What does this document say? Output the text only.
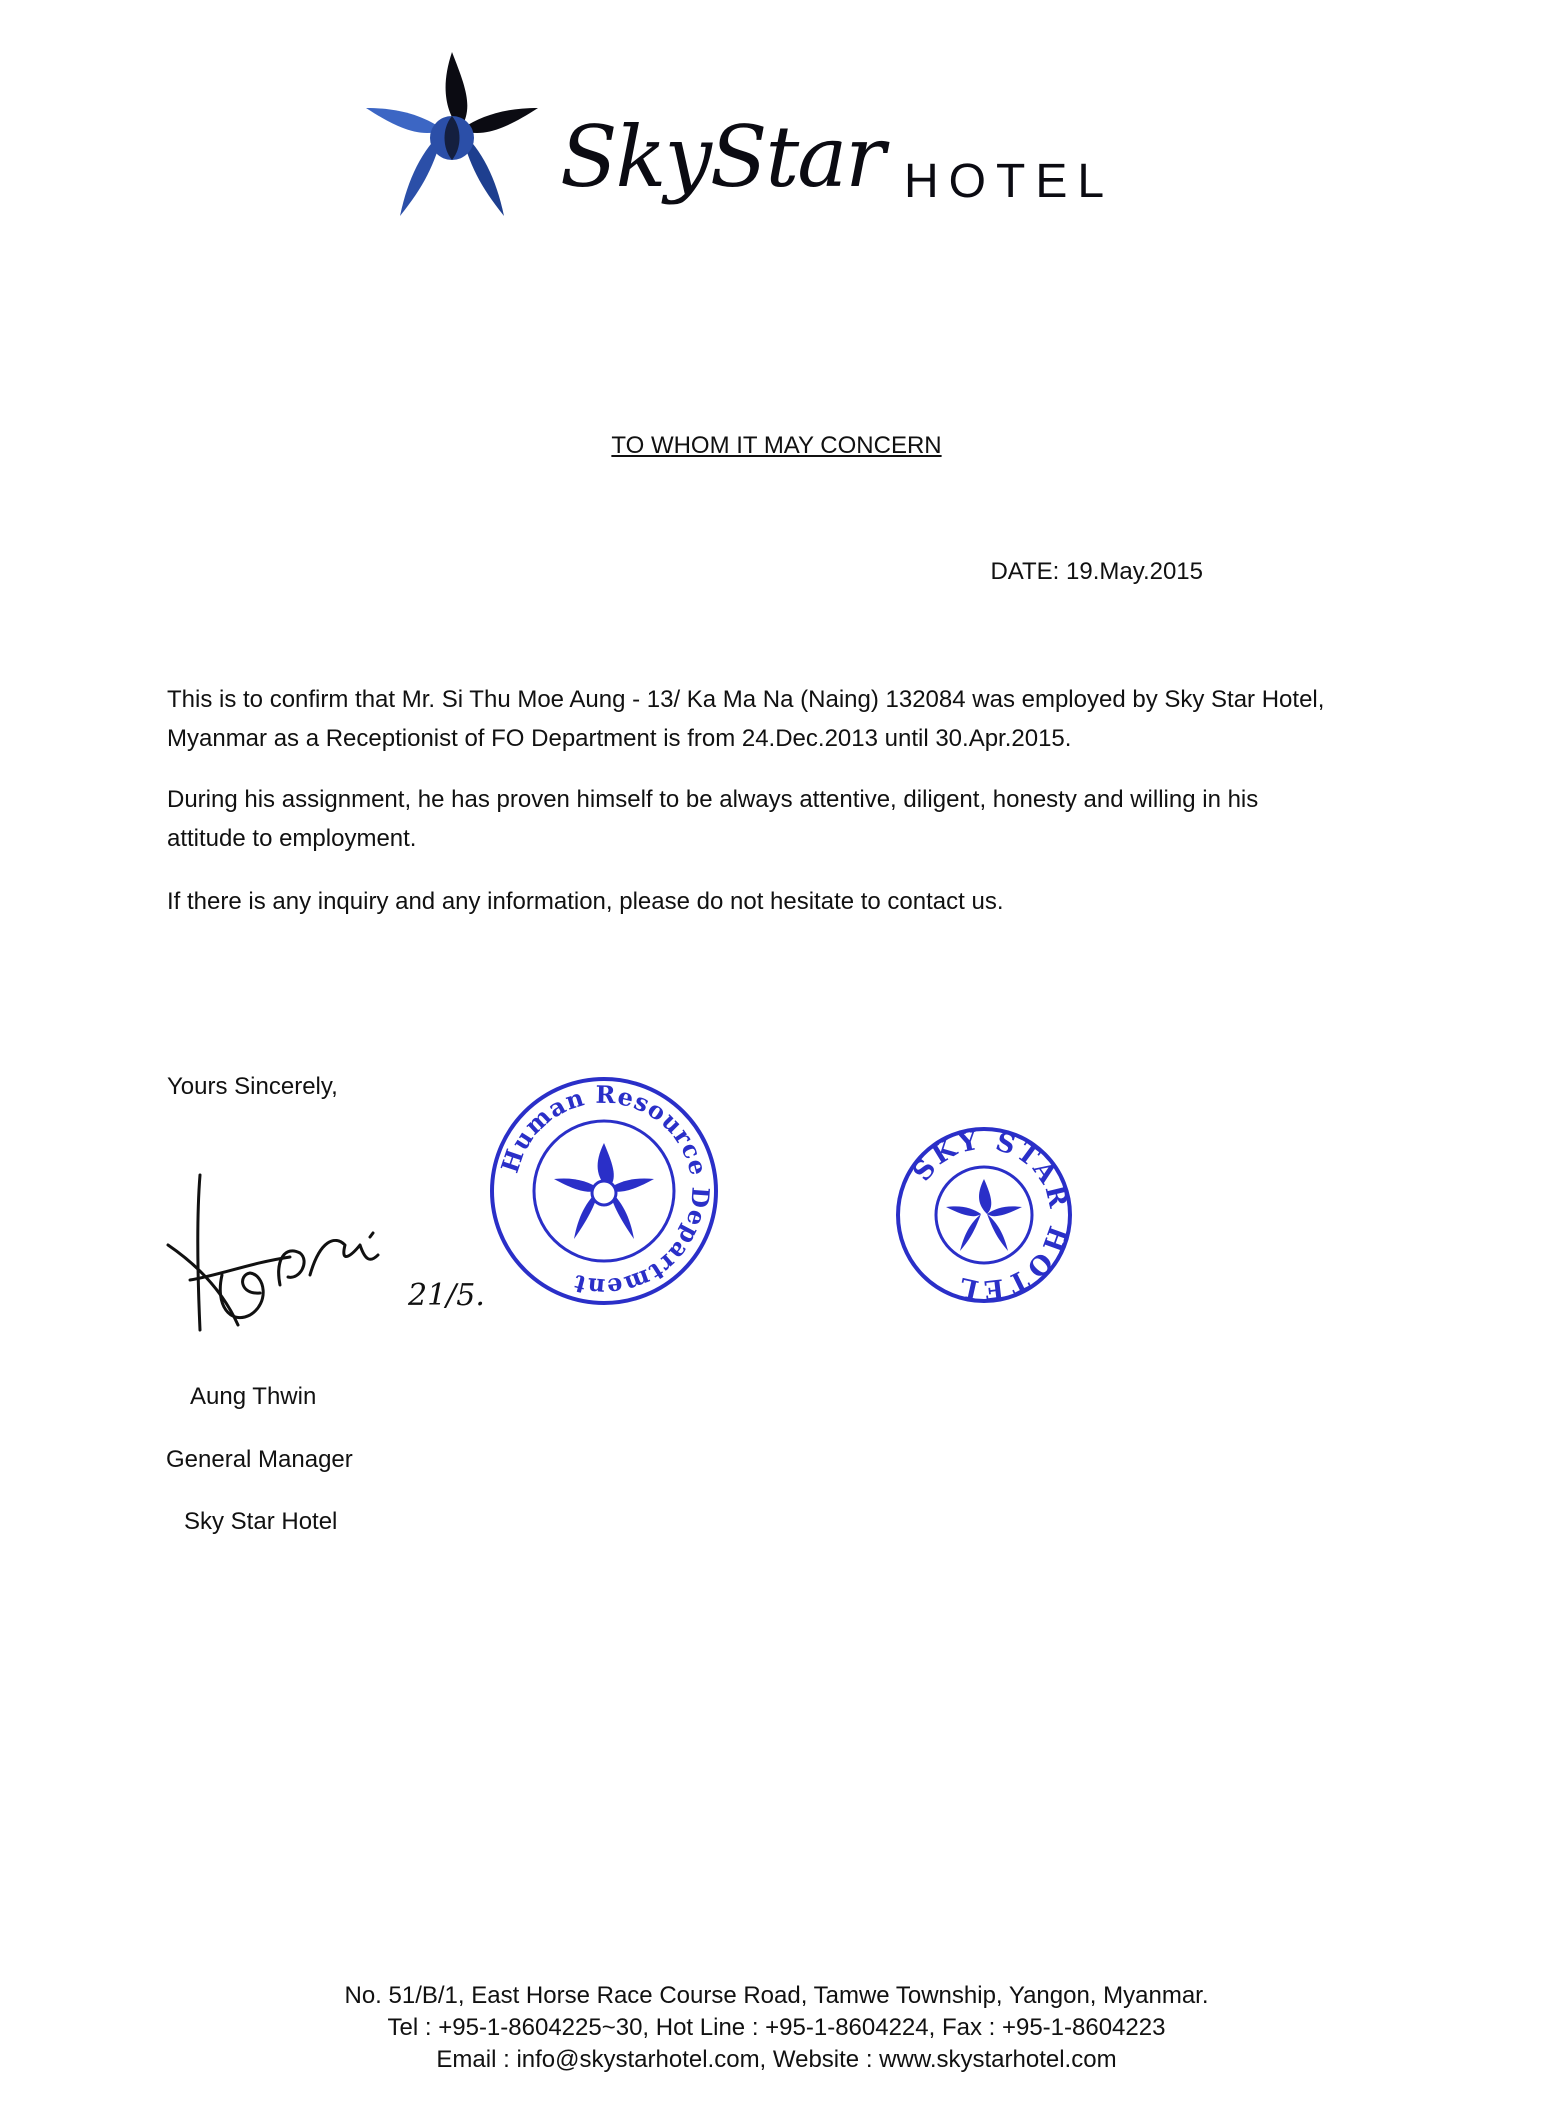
SkyStar HOTEL
TO WHOM IT MAY CONCERN
DATE: 19.May.2015

This is to confirm that Mr. Si Thu Moe Aung - 13/ Ka Ma Na (Naing) 132084 was employed by Sky Star Hotel, Myanmar as a Receptionist of FO Department is from 24.Dec.2013 until 30.Apr.2015.

During his assignment, he has proven himself to be always attentive, diligent, honesty and willing in his attitude to employment.

If there is any inquiry and any information, please do not hesitate to contact us.

Yours Sincerely,
21/5.
Aung Thwin
General Manager
Sky Star Hotel
Human Resource Department
SKY STAR HOTEL
No. 51/B/1, East Horse Race Course Road, Tamwe Township, Yangon, Myanmar.
Tel : +95-1-8604225~30, Hot Line : +95-1-8604224, Fax : +95-1-8604223
Email : info@skystarhotel.com, Website : www.skystarhotel.com
